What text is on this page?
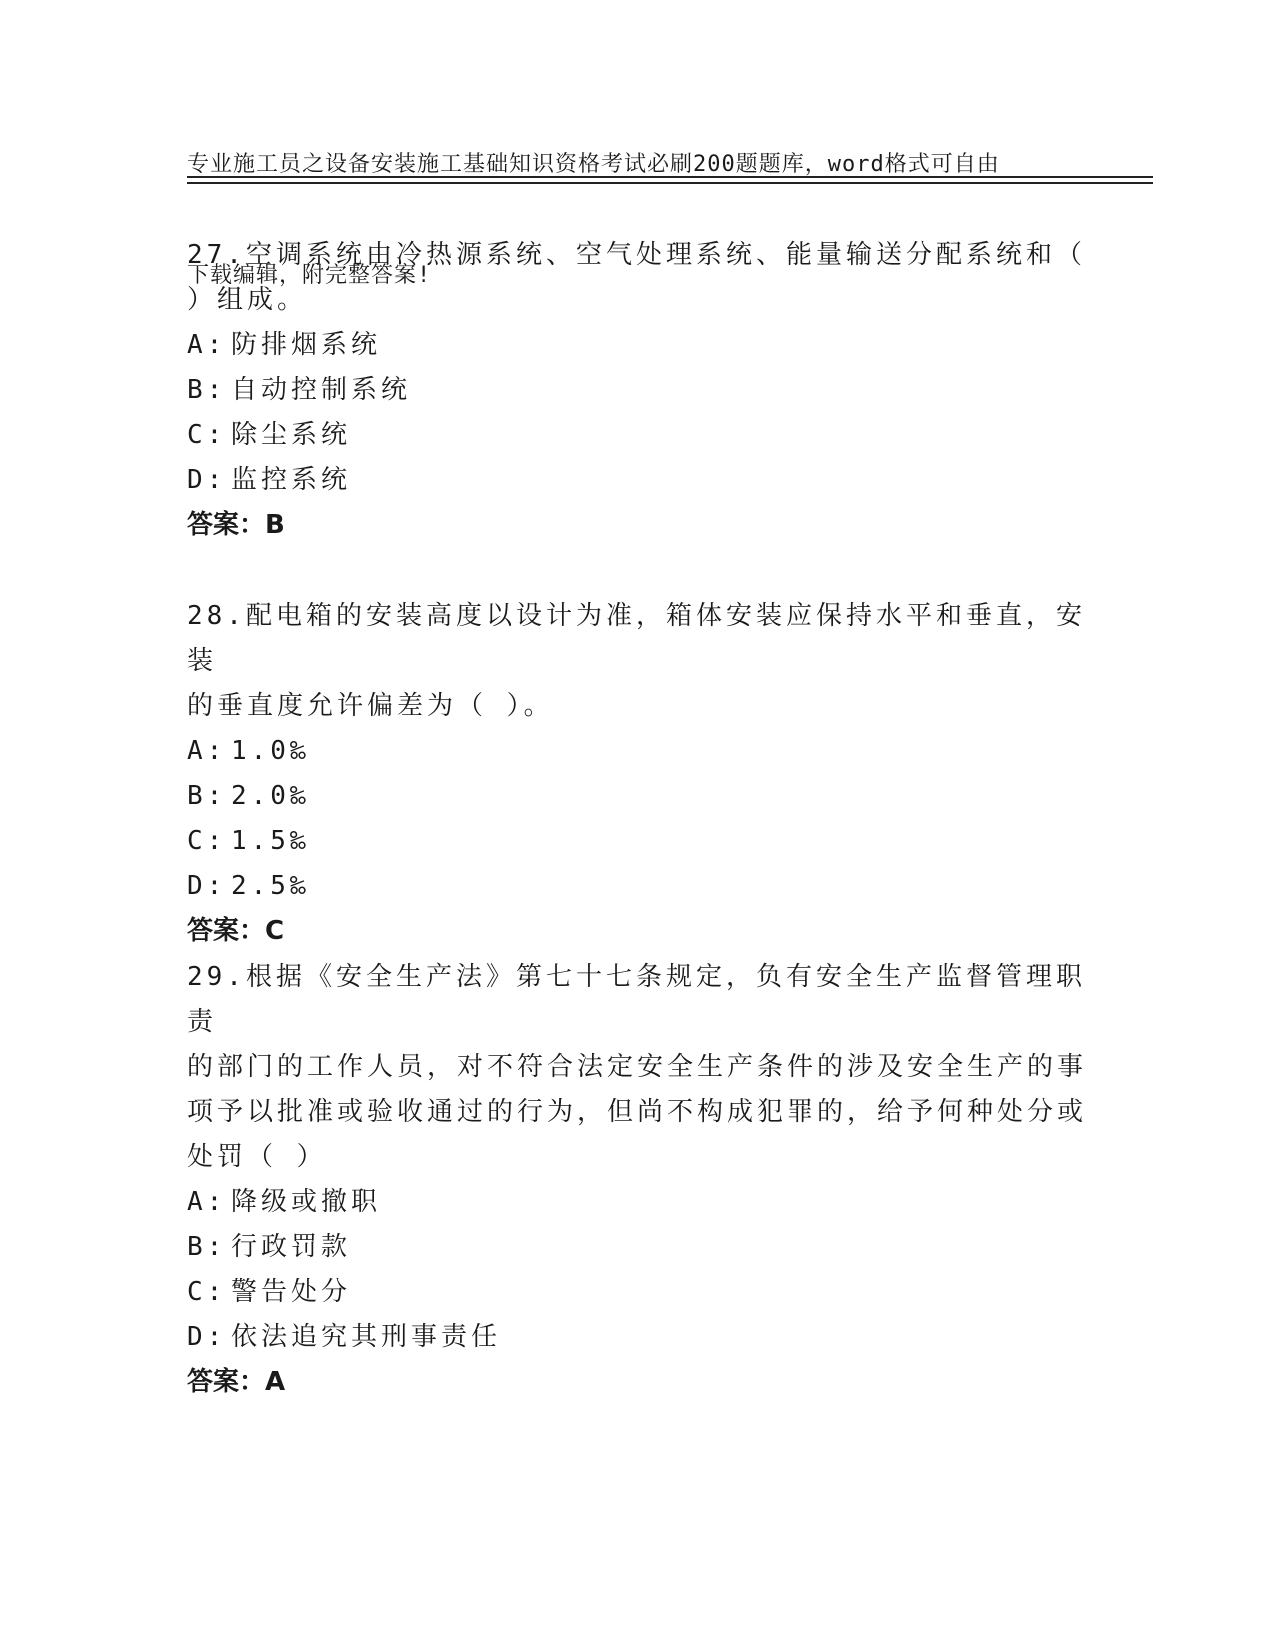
专业施工员之设备安装施工基础知识资格考试必刷200题题库，word格式可自由

下载编辑，附完整答案!

27.空调系统由冷热源系统、空气处理系统、能量输送分配系统和（
）组成。

A: 防排烟系统

B: 自动控制系统

C: 除尘系统

D: 监控系统

答案：B

28.配电箱的安装高度以设计为准，箱体安装应保持水平和垂直，安装
的垂直度允许偏差为（ ）。

A: 1.0‰

B: 2.0‰

C: 1.5‰

D: 2.5‰

答案：C

29.根据《安全生产法》第七十七条规定，负有安全生产监督管理职责
的部门的工作人员，对不符合法定安全生产条件的涉及安全生产的事
项予以批准或验收通过的行为，但尚不构成犯罪的，给予何种处分或
处罚（ ）

A: 降级或撤职

B: 行政罚款

C: 警告处分

D: 依法追究其刑事责任

答案：A
